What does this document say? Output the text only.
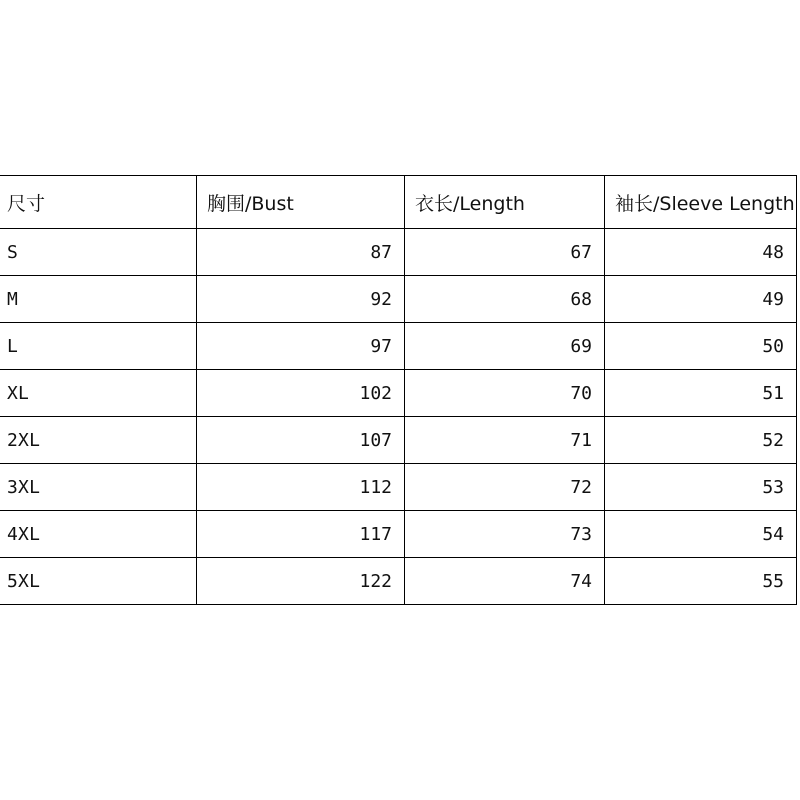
尺寸	胸围/Bust	衣长/Length	袖长/Sleeve Length
S	87	67	48
M	92	68	49
L	97	69	50
XL	102	70	51
2XL	107	71	52
3XL	112	72	53
4XL	117	73	54
5XL	122	74	55
